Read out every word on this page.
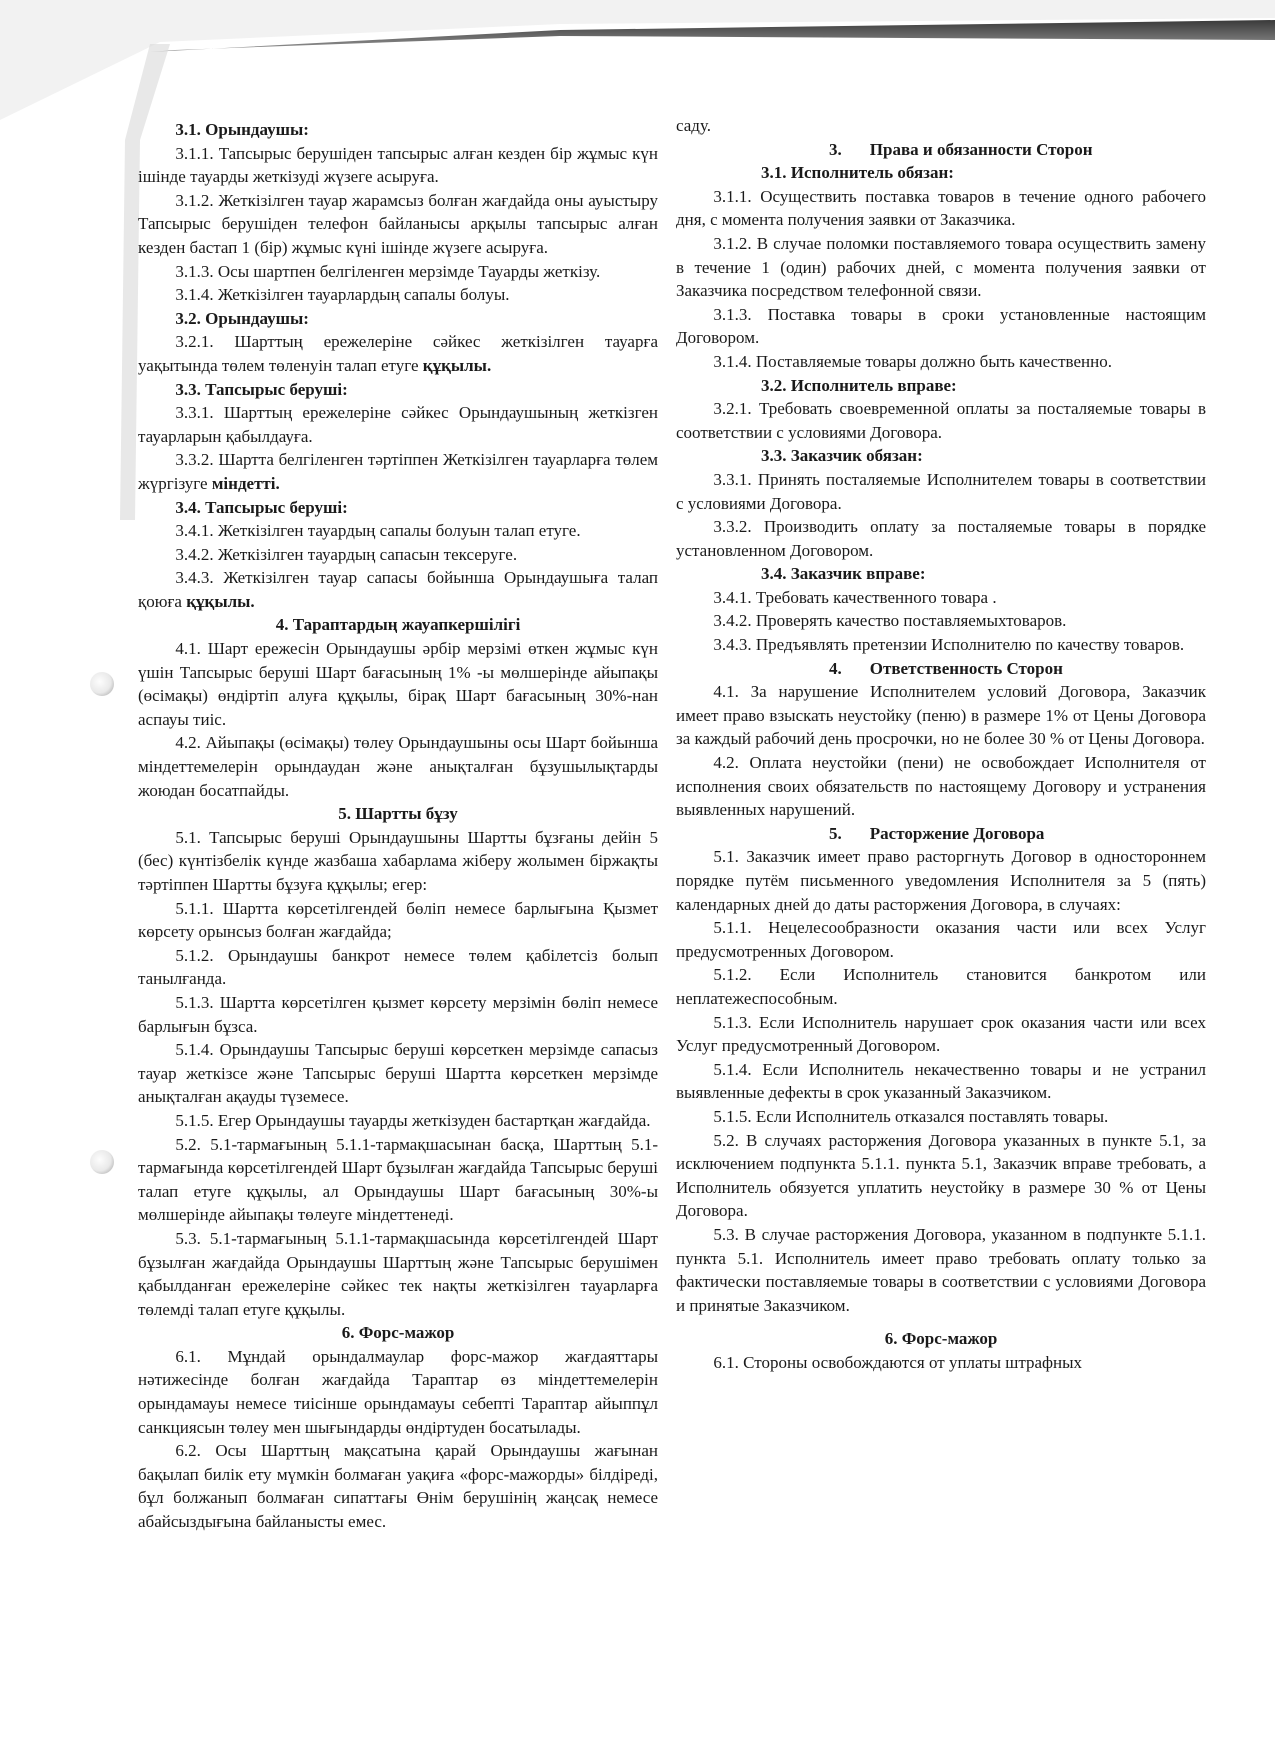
3.1. Орындаушы:

3.1.1. Тапсырыс берушіден тапсырыс алған кезден бір жұмыс күн ішінде тауарды жеткізуді жүзеге асыруға.

3.1.2. Жеткізілген тауар жарамсыз болған жағдайда оны ауыстыру Тапсырыс берушіден телефон байланысы арқылы тапсырыс алған кезден бастап 1 (бір) жұмыс күні ішінде жүзеге асыруға.

3.1.3. Осы шартпен белгіленген мерзімде Тауарды жеткізу.

3.1.4. Жеткізілген тауарлардың сапалы болуы.

3.2. Орындаушы:

3.2.1. Шарттың ережелеріне сәйкес жеткізілген тауарға уақытында төлем төленуін талап етуге құқылы.

3.3. Тапсырыс беруші:

3.3.1. Шарттың ережелеріне сәйкес Орындаушының жеткізген тауарларын қабылдауға.

3.3.2. Шартта белгіленген тәртіппен Жеткізілген тауарларға төлем жүргізуге міндетті.

3.4. Тапсырыс беруші:

3.4.1. Жеткізілген тауардың сапалы болуын талап етуге.

3.4.2. Жеткізілген тауардың сапасын тексеруге.

3.4.3. Жеткізілген тауар сапасы бойынша Орындаушыға талап қоюға құқылы.

4. Тараптардың жауапкершілігі

4.1. Шарт ережесін Орындаушы әрбір мерзімі өткен жұмыс күн үшін Тапсырыс беруші Шарт бағасының 1% -ы мөлшерінде айыпақы (өсімақы) өндіртіп алуға құқылы, бірақ Шарт бағасының 30%-нан аспауы тиіс.

4.2. Айыпақы (өсімақы) төлеу Орындаушыны осы Шарт бойынша міндеттемелерін орындаудан және анықталған бұзушылықтарды жоюдан босатпайды.

5. Шартты бұзу

5.1. Тапсырыс беруші Орындаушыны Шартты бұзғаны дейін 5 (бес) күнтізбелік күнде жазбаша хабарлама жіберу жолымен біржақты тәртіппен Шартты бұзуға құқылы; егер:

5.1.1. Шартта көрсетілгендей бөліп немесе барлығына Қызмет көрсету орынсыз болған жағдайда;

5.1.2. Орындаушы банкрот немесе төлем қабілетсіз болып танылғанда.

5.1.3. Шартта көрсетілген қызмет көрсету мерзімін бөліп немесе барлығын бұзса.

5.1.4. Орындаушы Тапсырыс беруші көрсеткен мерзімде сапасыз тауар жеткізсе және Тапсырыс беруші Шартта көрсеткен мерзімде анықталған ақауды түземесе.

5.1.5. Егер Орындаушы тауарды жеткізуден бастартқан жағдайда.

5.2. 5.1-тармағының 5.1.1-тармақшасынан басқа, Шарттың 5.1-тармағында көрсетілгендей Шарт бұзылған жағдайда Тапсырыс беруші талап етуге құқылы, ал Орындаушы Шарт бағасының 30%-ы мөлшерінде айыпақы төлеуге міндеттенеді.

5.3. 5.1-тармағының 5.1.1-тармақшасында көрсетілгендей Шарт бұзылған жағдайда Орындаушы Шарттың және Тапсырыс берушімен қабылданған ережелеріне сәйкес тек нақты жеткізілген тауарларға төлемді талап етуге құқылы.

6. Форс-мажор

6.1. Мұндай орындалмаулар форс-мажор жағдаяттары нәтижесінде болған жағдайда Тараптар өз міндеттемелерін орындамауы немесе тиісінше орындамауы себепті Тараптар айыппұл санкциясын төлеу мен шығындарды өндіртуден босатылады.

6.2. Осы Шарттың мақсатына қарай Орындаушы жағынан бақылап билік ету мүмкін болмаған уақиға «форс-мажорды» білдіреді, бұл болжанып болмаған сипаттағы Өнім берушінің жаңсақ немесе абайсыздығына байланысты емес.

саду.

3. Права и обязанности Сторон

3.1. Исполнитель обязан:

3.1.1. Осуществить поставка товаров в течение одного рабочего дня, с момента получения заявки от Заказчика.

3.1.2. В случае поломки поставляемого товара осуществить замену в течение 1 (один) рабочих дней, с момента получения заявки от Заказчика посредством телефонной связи.

3.1.3. Поставка товары в сроки установленные настоящим Договором.

3.1.4. Поставляемые товары должно быть качественно.

3.2. Исполнитель вправе:

3.2.1. Требовать своевременной оплаты за посталяемые товары в соответствии с условиями Договора.

3.3. Заказчик обязан:

3.3.1. Принять посталяемые Исполнителем товары в соответствии с условиями Договора.

3.3.2. Производить оплату за посталяемые товары в порядке установленном Договором.

3.4. Заказчик вправе:

3.4.1. Требовать качественного товара .

3.4.2. Проверять качество поставляемыхтоваров.

3.4.3. Предъявлять претензии Исполнителю по качеству товаров.

4. Ответственность Сторон

4.1. За нарушение Исполнителем условий Договора, Заказчик имеет право взыскать неустойку (пеню) в размере 1% от Цены Договора за каждый рабочий день просрочки, но не более 30 % от Цены Договора.

4.2. Оплата неустойки (пени) не освобождает Исполнителя от исполнения своих обязательств по настоящему Договору и устранения выявленных нарушений.

5. Расторжение Договора

5.1. Заказчик имеет право расторгнуть Договор в одностороннем порядке путём письменного уведомления Исполнителя за 5 (пять) календарных дней до даты расторжения Договора, в случаях:

5.1.1. Нецелесообразности оказания части или всех Услуг предусмотренных Договором.

5.1.2. Если Исполнитель становится банкротом или неплатежеспособным.

5.1.3. Если Исполнитель нарушает срок оказания части или всех Услуг предусмотренный Договором.

5.1.4. Если Исполнитель некачественно товары и не устранил выявленные дефекты в срок указанный Заказчиком.

5.1.5. Если Исполнитель отказался поставлять товары.

5.2. В случаях расторжения Договора указанных в пункте 5.1, за исключением подпункта 5.1.1. пункта 5.1, Заказчик вправе требовать, а Исполнитель обязуется уплатить неустойку в размере 30 % от Цены Договора.

5.3. В случае расторжения Договора, указанном в подпункте 5.1.1. пункта 5.1. Исполнитель имеет право требовать оплату только за фактически поставляемые товары в соответствии с условиями Договора и принятые Заказчиком.

6. Форс-мажор

6.1. Стороны освобождаются от уплаты штрафных
